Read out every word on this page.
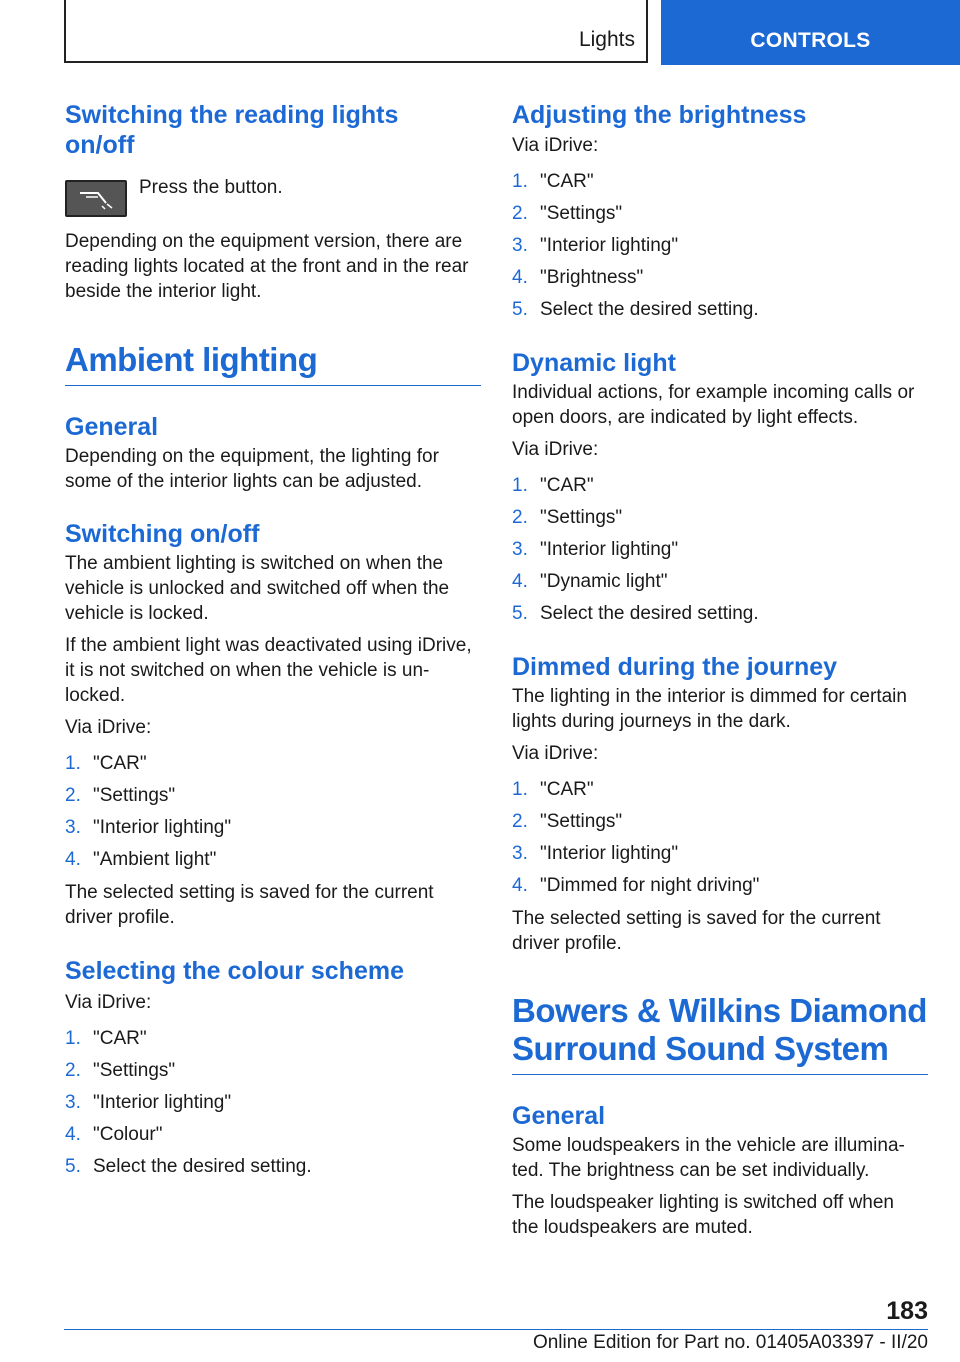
Lights	CONTROLS
Switching the reading lights
on/off

Press the button.

Depending on the equipment version, there are
reading lights located at the front and in the rear
beside the interior light.

Ambient lighting
General

Depending on the equipment, the lighting for
some of the interior lights can be adjusted.

Switching on/off

The ambient lighting is switched on when the
vehicle is unlocked and switched off when the
vehicle is locked.

If the ambient light was deactivated using iDrive,
it is not switched on when the vehicle is un-
locked.

Via iDrive:

1. "CAR"
2. "Settings"
3. "Interior lighting"
4. "Ambient light"

The selected setting is saved for the current
driver profile.

Selecting the colour scheme

Via iDrive:

1. "CAR"
2. "Settings"
3. "Interior lighting"
4. "Colour"
5. Select the desired setting.
Adjusting the brightness

Via iDrive:

1. "CAR"
2. "Settings"
3. "Interior lighting"
4. "Brightness"
5. Select the desired setting.
Dynamic light

Individual actions, for example incoming calls or
open doors, are indicated by light effects.

Via iDrive:

1. "CAR"
2. "Settings"
3. "Interior lighting"
4. "Dynamic light"
5. Select the desired setting.
Dimmed during the journey

The lighting in the interior is dimmed for certain
lights during journeys in the dark.

Via iDrive:

1. "CAR"
2. "Settings"
3. "Interior lighting"
4. "Dimmed for night driving"

The selected setting is saved for the current
driver profile.

Bowers & Wilkins Diamond
Surround Sound System
General

Some loudspeakers in the vehicle are illumina-
ted. The brightness can be set individually.

The loudspeaker lighting is switched off when
the loudspeakers are muted.

183
Online Edition for Part no. 01405A03397 - II/20
